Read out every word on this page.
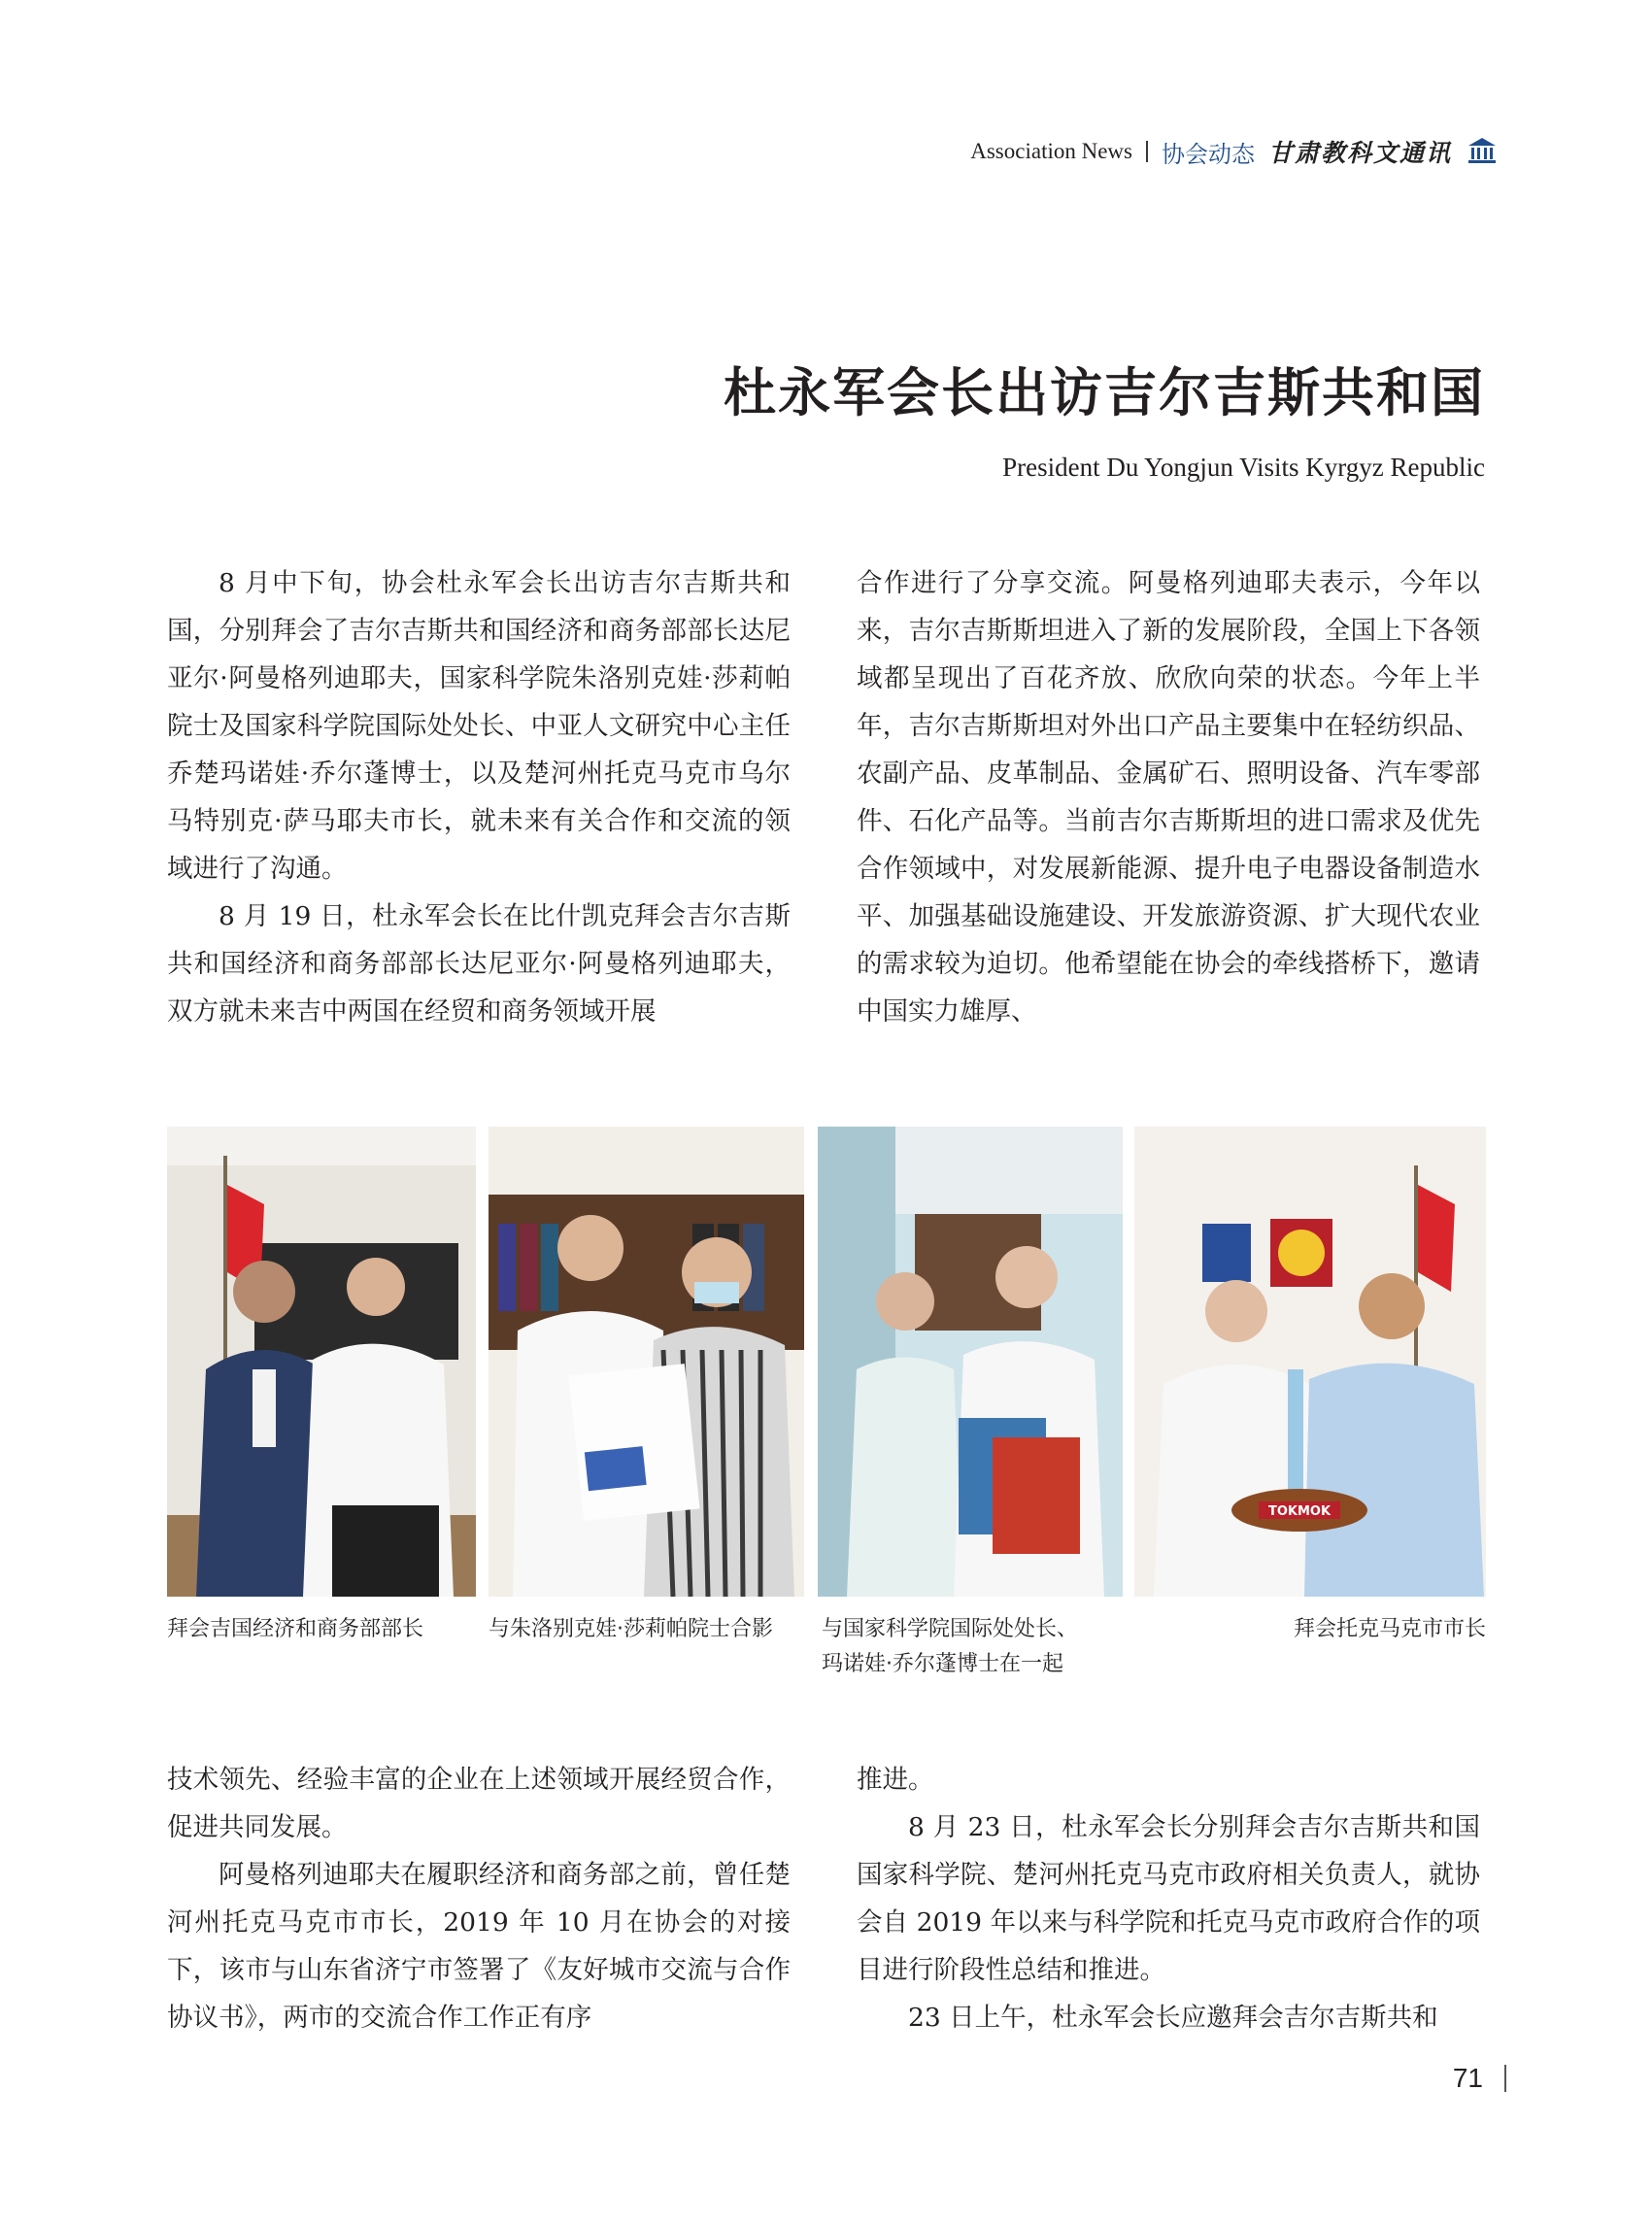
Association News 协会动态 甘肃教科文通讯
杜永军会长出访吉尔吉斯共和国
President Du Yongjun Visits Kyrgyz Republic

8 月中下旬，协会杜永军会长出访吉尔吉斯共和国，分别拜会了吉尔吉斯共和国经济和商务部部长达尼亚尔·阿曼格列迪耶夫，国家科学院朱洛别克娃·莎莉帕院士及国家科学院国际处处长、中亚人文研究中心主任乔楚玛诺娃·乔尔蓬博士，以及楚河州托克马克市乌尔马特别克·萨马耶夫市长，就未来有关合作和交流的领域进行了沟通。

8 月 19 日，杜永军会长在比什凯克拜会吉尔吉斯共和国经济和商务部部长达尼亚尔·阿曼格列迪耶夫，双方就未来吉中两国在经贸和商务领域开展

合作进行了分享交流。阿曼格列迪耶夫表示，今年以来，吉尔吉斯斯坦进入了新的发展阶段，全国上下各领域都呈现出了百花齐放、欣欣向荣的状态。今年上半年，吉尔吉斯斯坦对外出口产品主要集中在轻纺织品、农副产品、皮革制品、金属矿石、照明设备、汽车零部件、石化产品等。当前吉尔吉斯斯坦的进口需求及优先合作领域中，对发展新能源、提升电子电器设备制造水平、加强基础设施建设、开发旅游资源、扩大现代农业的需求较为迫切。他希望能在协会的牵线搭桥下，邀请中国实力雄厚、

TOKMOK
拜会吉国经济和商务部部长	与朱洛别克娃·莎莉帕院士合影	与国家科学院国际处处长、
玛诺娃·乔尔蓬博士在一起
拜会托克马克市市长

技术领先、经验丰富的企业在上述领域开展经贸合作，促进共同发展。

阿曼格列迪耶夫在履职经济和商务部之前，曾任楚河州托克马克市市长，2019 年 10 月在协会的对接下，该市与山东省济宁市签署了《友好城市交流与合作协议书》，两市的交流合作工作正有序

推进。

8 月 23 日，杜永军会长分别拜会吉尔吉斯共和国国家科学院、楚河州托克马克市政府相关负责人，就协会自 2019 年以来与科学院和托克马克市政府合作的项目进行阶段性总结和推进。

23 日上午，杜永军会长应邀拜会吉尔吉斯共和

71
